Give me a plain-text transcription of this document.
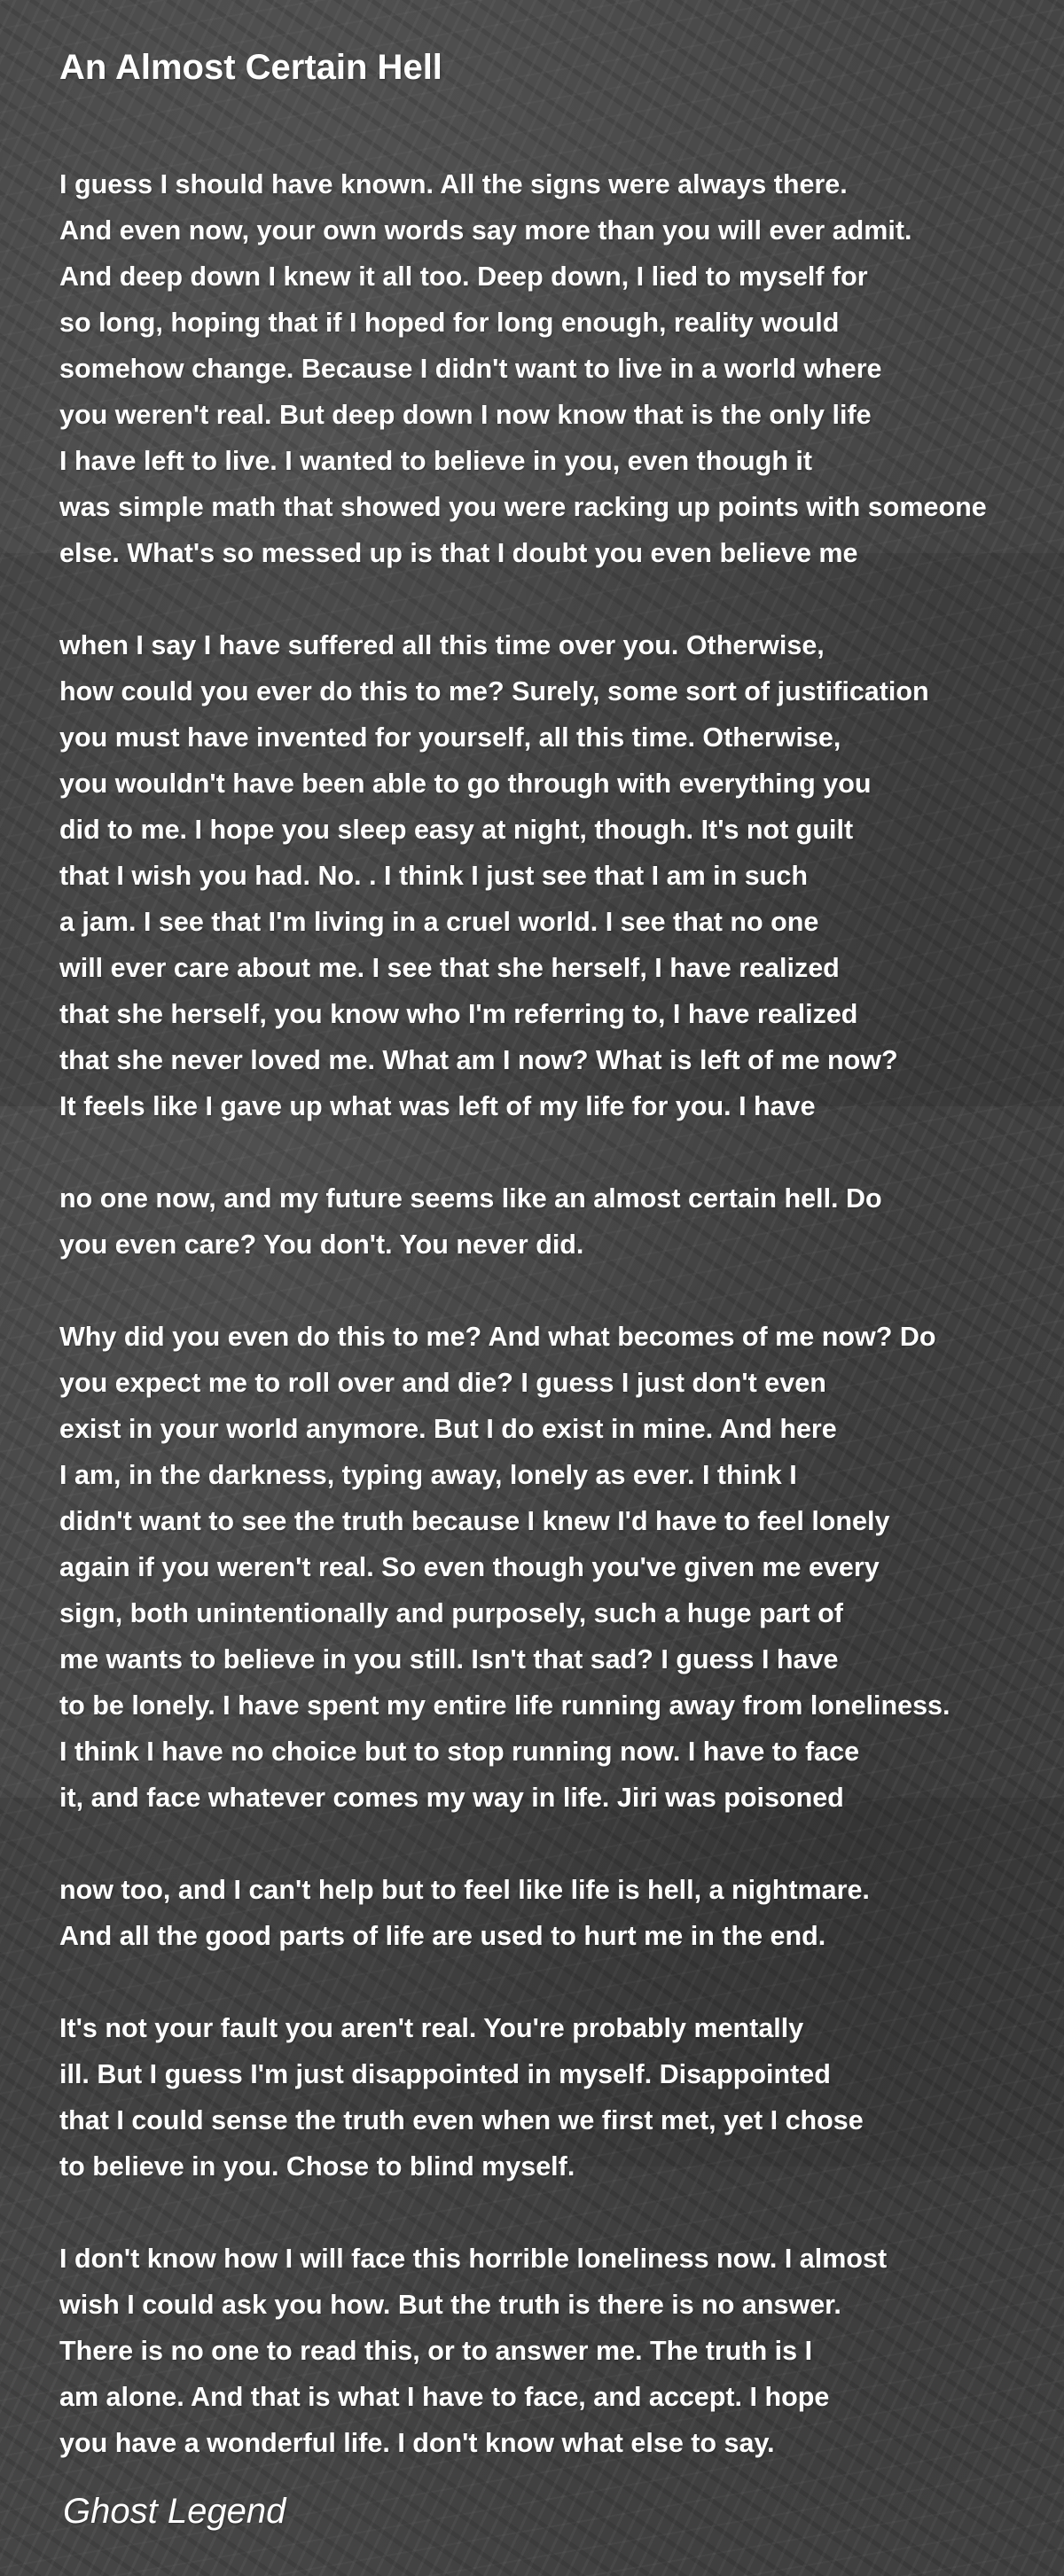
An Almost Certain Hell
I guess I should have known. All the signs were always there.
And even now, your own words say more than you will ever admit.
And deep down I knew it all too. Deep down, I lied to myself for
so long, hoping that if I hoped for long enough, reality would
somehow change. Because I didn't want to live in a world where
you weren't real. But deep down I now know that is the only life
I have left to live. I wanted to believe in you, even though it
was simple math that showed you were racking up points with someone
else. What's so messed up is that I doubt you even believe me
when I say I have suffered all this time over you. Otherwise,
how could you ever do this to me? Surely, some sort of justification
you must have invented for yourself, all this time. Otherwise,
you wouldn't have been able to go through with everything you
did to me. I hope you sleep easy at night, though. It's not guilt
that I wish you had. No. . I think I just see that I am in such
a jam. I see that I'm living in a cruel world. I see that no one
will ever care about me. I see that she herself, I have realized
that she herself, you know who I'm referring to, I have realized
that she never loved me. What am I now? What is left of me now?
It feels like I gave up what was left of my life for you. I have
no one now, and my future seems like an almost certain hell. Do
you even care? You don't. You never did.
Why did you even do this to me? And what becomes of me now? Do
you expect me to roll over and die? I guess I just don't even
exist in your world anymore. But I do exist in mine. And here
I am, in the darkness, typing away, lonely as ever. I think I
didn't want to see the truth because I knew I'd have to feel lonely
again if you weren't real. So even though you've given me every
sign, both unintentionally and purposely, such a huge part of
me wants to believe in you still. Isn't that sad? I guess I have
to be lonely. I have spent my entire life running away from loneliness.
I think I have no choice but to stop running now. I have to face
it, and face whatever comes my way in life. Jiri was poisoned
now too, and I can't help but to feel like life is hell, a nightmare.
And all the good parts of life are used to hurt me in the end.
It's not your fault you aren't real. You're probably mentally
ill. But I guess I'm just disappointed in myself. Disappointed
that I could sense the truth even when we first met, yet I chose
to believe in you. Chose to blind myself.
I don't know how I will face this horrible loneliness now. I almost
wish I could ask you how. But the truth is there is no answer.
There is no one to read this, or to answer me. The truth is I
am alone. And that is what I have to face, and accept. I hope
you have a wonderful life. I don't know what else to say.
Ghost Legend
